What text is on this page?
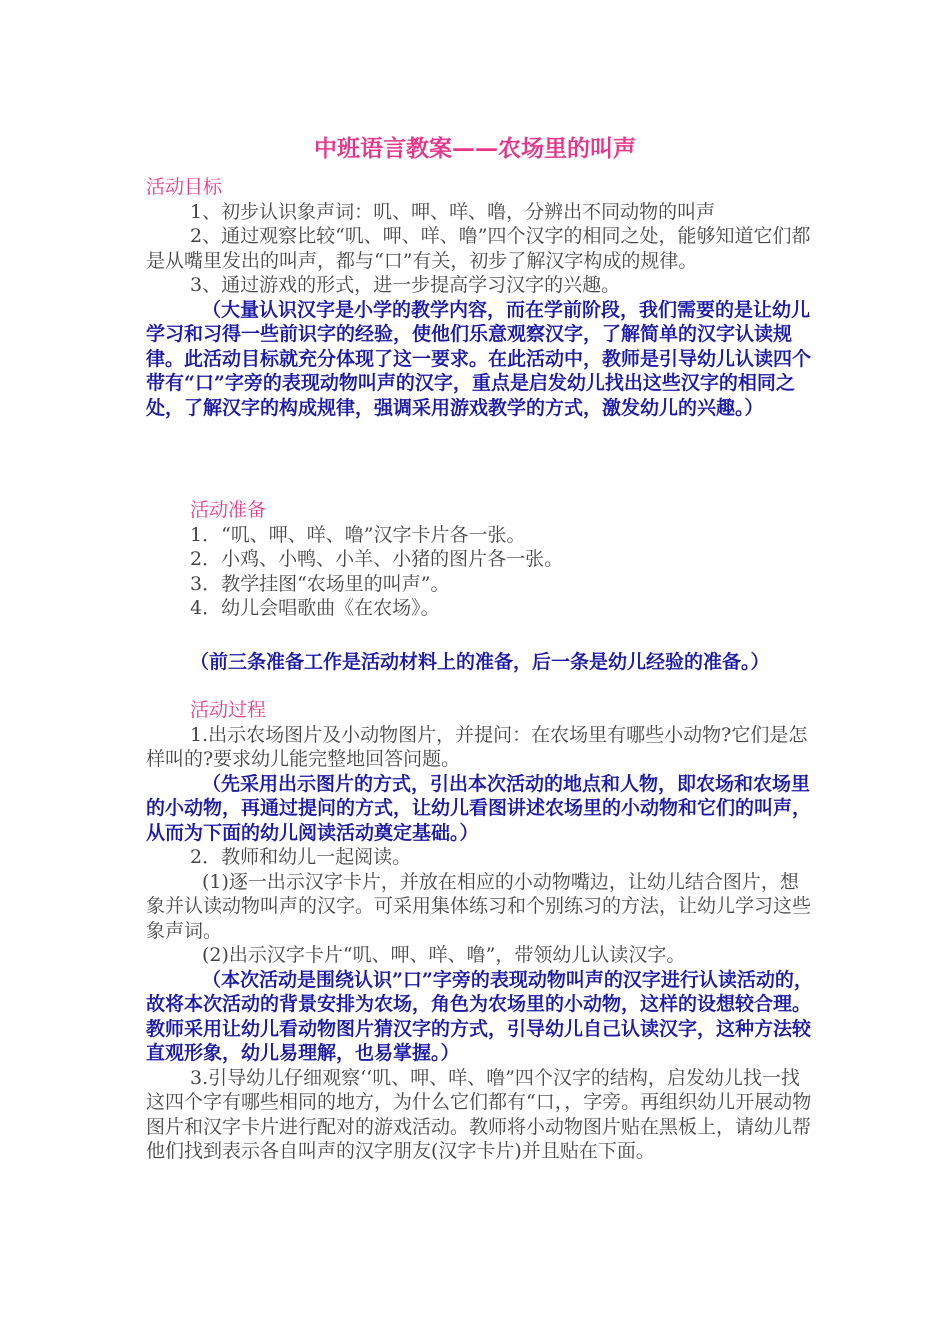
中班语言教案——农场里的叫声

活动目标

1、初步认识象声词：叽、呷、咩、噜，分辨出不同动物的叫声

2、通过观察比较“叽、呷、咩、噜”四个汉字的相同之处，能够知道它们都是从嘴里发出的叫声，都与“口”有关，初步了解汉字构成的规律。

3、通过游戏的形式，进一步提高学习汉字的兴趣。

（大量认识汉字是小学的教学内容，而在学前阶段，我们需要的是让幼儿学习和习得一些前识字的经验，使他们乐意观察汉字，了解简单的汉字认读规律。此活动目标就充分体现了这一要求。在此活动中，教师是引导幼儿认读四个带有“口”字旁的表现动物叫声的汉字，重点是启发幼儿找出这些汉字的相同之处，了解汉字的构成规律，强调采用游戏教学的方式，激发幼儿的兴趣。）

活动准备

1．“叽、呷、咩、噜”汉字卡片各一张。

2．小鸡、小鸭、小羊、小猪的图片各一张。

3．教学挂图“农场里的叫声”。

4．幼儿会唱歌曲《在农场》。

（前三条准备工作是活动材料上的准备，后一条是幼儿经验的准备。）

活动过程

1.出示农场图片及小动物图片，并提问：在农场里有哪些小动物?它们是怎样叫的?要求幼儿能完整地回答问题。

（先采用出示图片的方式，引出本次活动的地点和人物，即农场和农场里的小动物，再通过提问的方式，让幼儿看图讲述农场里的小动物和它们的叫声，从而为下面的幼儿阅读活动奠定基础。）

2．教师和幼儿一起阅读。

(1)逐一出示汉字卡片，并放在相应的小动物嘴边，让幼儿结合图片，想象并认读动物叫声的汉字。可采用集体练习和个别练习的方法，让幼儿学习这些象声词。

(2)出示汉字卡片“叽、呷、咩、噜”，带领幼儿认读汉字。

（本次活动是围绕认识”口”字旁的表现动物叫声的汉字进行认读活动的，故将本次活动的背景安排为农场，角色为农场里的小动物，这样的设想较合理。教师采用让幼儿看动物图片猜汉字的方式，引导幼儿自己认读汉字，这种方法较直观形象，幼儿易理解，也易掌握。）

3.引导幼儿仔细观察‘‘叽、呷、咩、噜”四个汉字的结构，启发幼儿找一找这四个字有哪些相同的地方，为什么它们都有“口，，字旁。再组织幼儿开展动物图片和汉字卡片进行配对的游戏活动。教师将小动物图片贴在黑板上，请幼儿帮他们找到表示各自叫声的汉字朋友(汉字卡片)并且贴在下面。
